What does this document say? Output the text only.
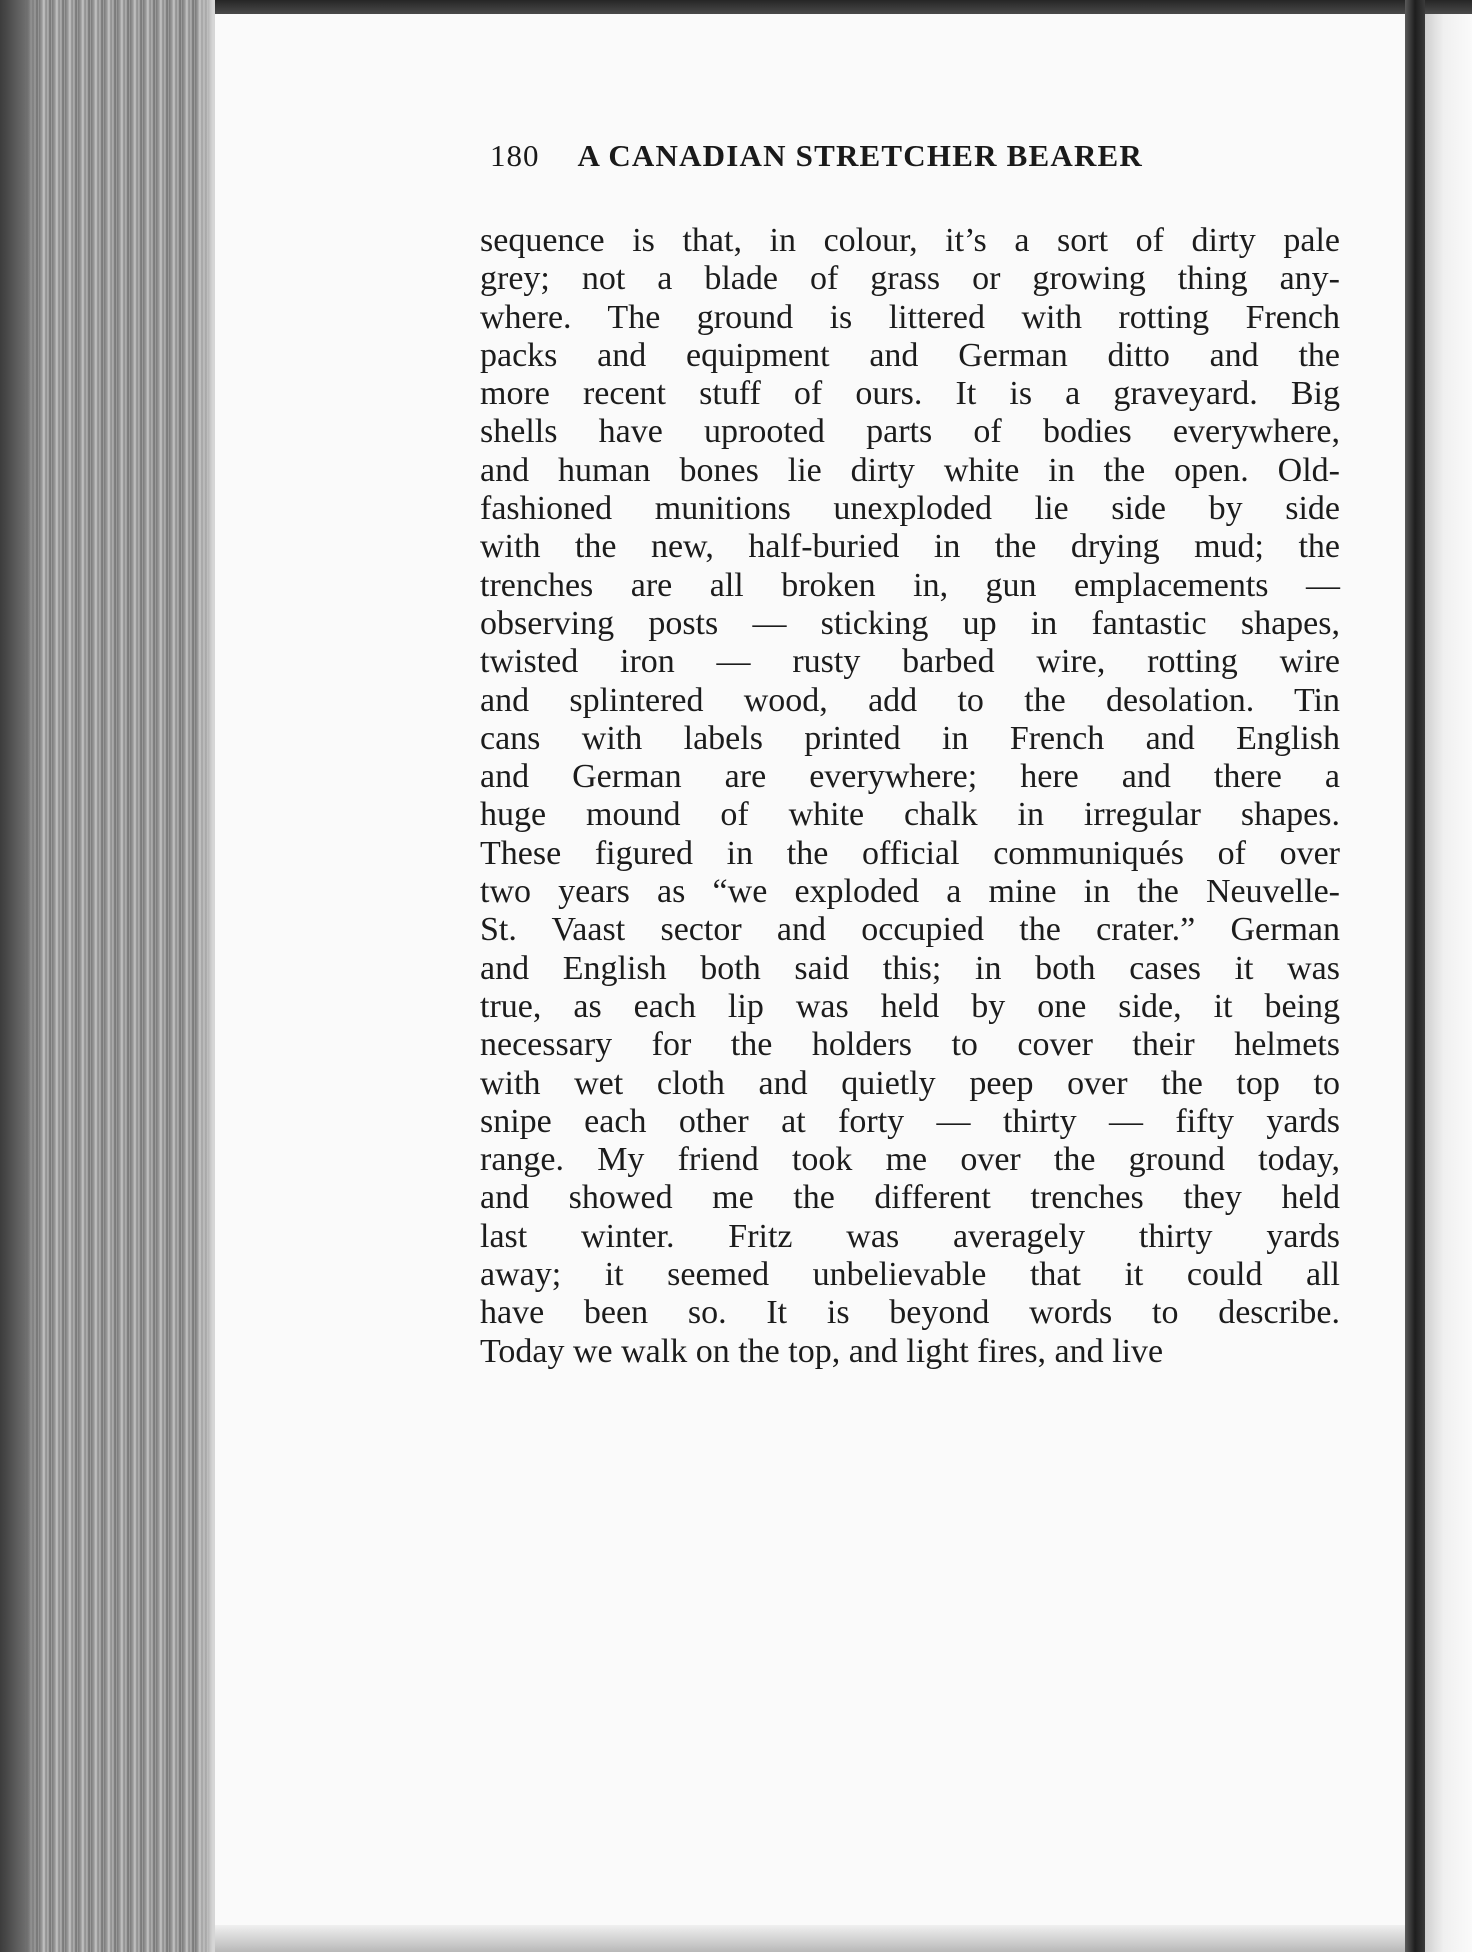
180 A CANADIAN STRETCHER BEARER
sequence is that, in colour, it’s a sort of dirty pale
grey; not a blade of grass or growing thing any-
where. The ground is littered with rotting French
packs and equipment and German ditto and the
more recent stuff of ours. It is a graveyard. Big
shells have uprooted parts of bodies everywhere,
and human bones lie dirty white in the open. Old-
fashioned munitions unexploded lie side by side
with the new, half-buried in the drying mud; the
trenches are all broken in, gun emplacements —
observing posts — sticking up in fantastic shapes,
twisted iron — rusty barbed wire, rotting wire
and splintered wood, add to the desolation. Tin
cans with labels printed in French and English
and German are everywhere; here and there a
huge mound of white chalk in irregular shapes.
These figured in the official communiqués of over
two years as “we exploded a mine in the Neuvelle-
St. Vaast sector and occupied the crater.” German
and English both said this; in both cases it was
true, as each lip was held by one side, it being
necessary for the holders to cover their helmets
with wet cloth and quietly peep over the top to
snipe each other at forty — thirty — fifty yards
range. My friend took me over the ground today,
and showed me the different trenches they held
last winter. Fritz was averagely thirty yards
away; it seemed unbelievable that it could all
have been so. It is beyond words to describe.
Today we walk on the top, and light fires, and live
